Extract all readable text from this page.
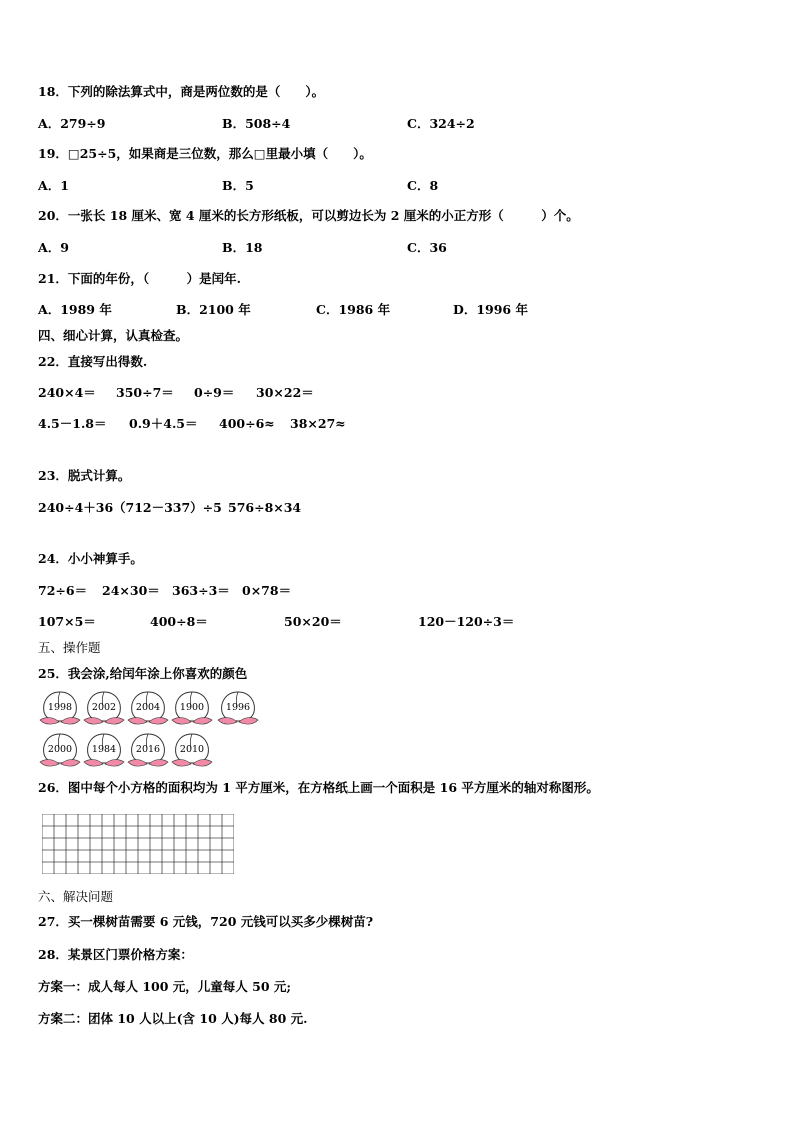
18．下列的除法算式中，商是两位数的是（　　）。
A．279÷9	B．508÷4	C．324÷2
19．□25÷5，如果商是三位数，那么□里最小填（　　）。
A．1	B．5	C．8
20．一张长 18 厘米、宽 4 厘米的长方形纸板，可以剪边长为 2 厘米的小正方形（　　　）个。
A．9	B．18	C．36
21．下面的年份，（　　　）是闰年.
A．1989 年	B．2100 年	C．1986 年	D．1996 年
四、细心计算，认真检查。
22．直接写出得数.
240×4＝ 350÷7＝ 0÷9＝ 30×22＝
4.5－1.8＝ 0.9＋4.5＝ 400÷6≈ 38×27≈
23．脱式计算。
240÷4＋36 （712－337）÷5 576÷8×34
24．小小神算手。
72÷6＝ 24×30＝ 363÷3＝ 0×78＝
107×5＝	400÷8＝	50×20＝	120－120÷3＝
五、操作题
25．我会涂,给闰年涂上你喜欢的颜色
1998	2002	2004	1900	1996
2000	1984	2016	2010
26．图中每个小方格的面积均为 1 平方厘米，在方格纸上画一个面积是 16 平方厘米的轴对称图形。
六、解决问题
27．买一棵树苗需要 6 元钱，720 元钱可以买多少棵树苗?
28．某景区门票价格方案：
方案一：成人每人 100 元，儿童每人 50 元;
方案二：团体 10 人以上(含 10 人)每人 80 元.
